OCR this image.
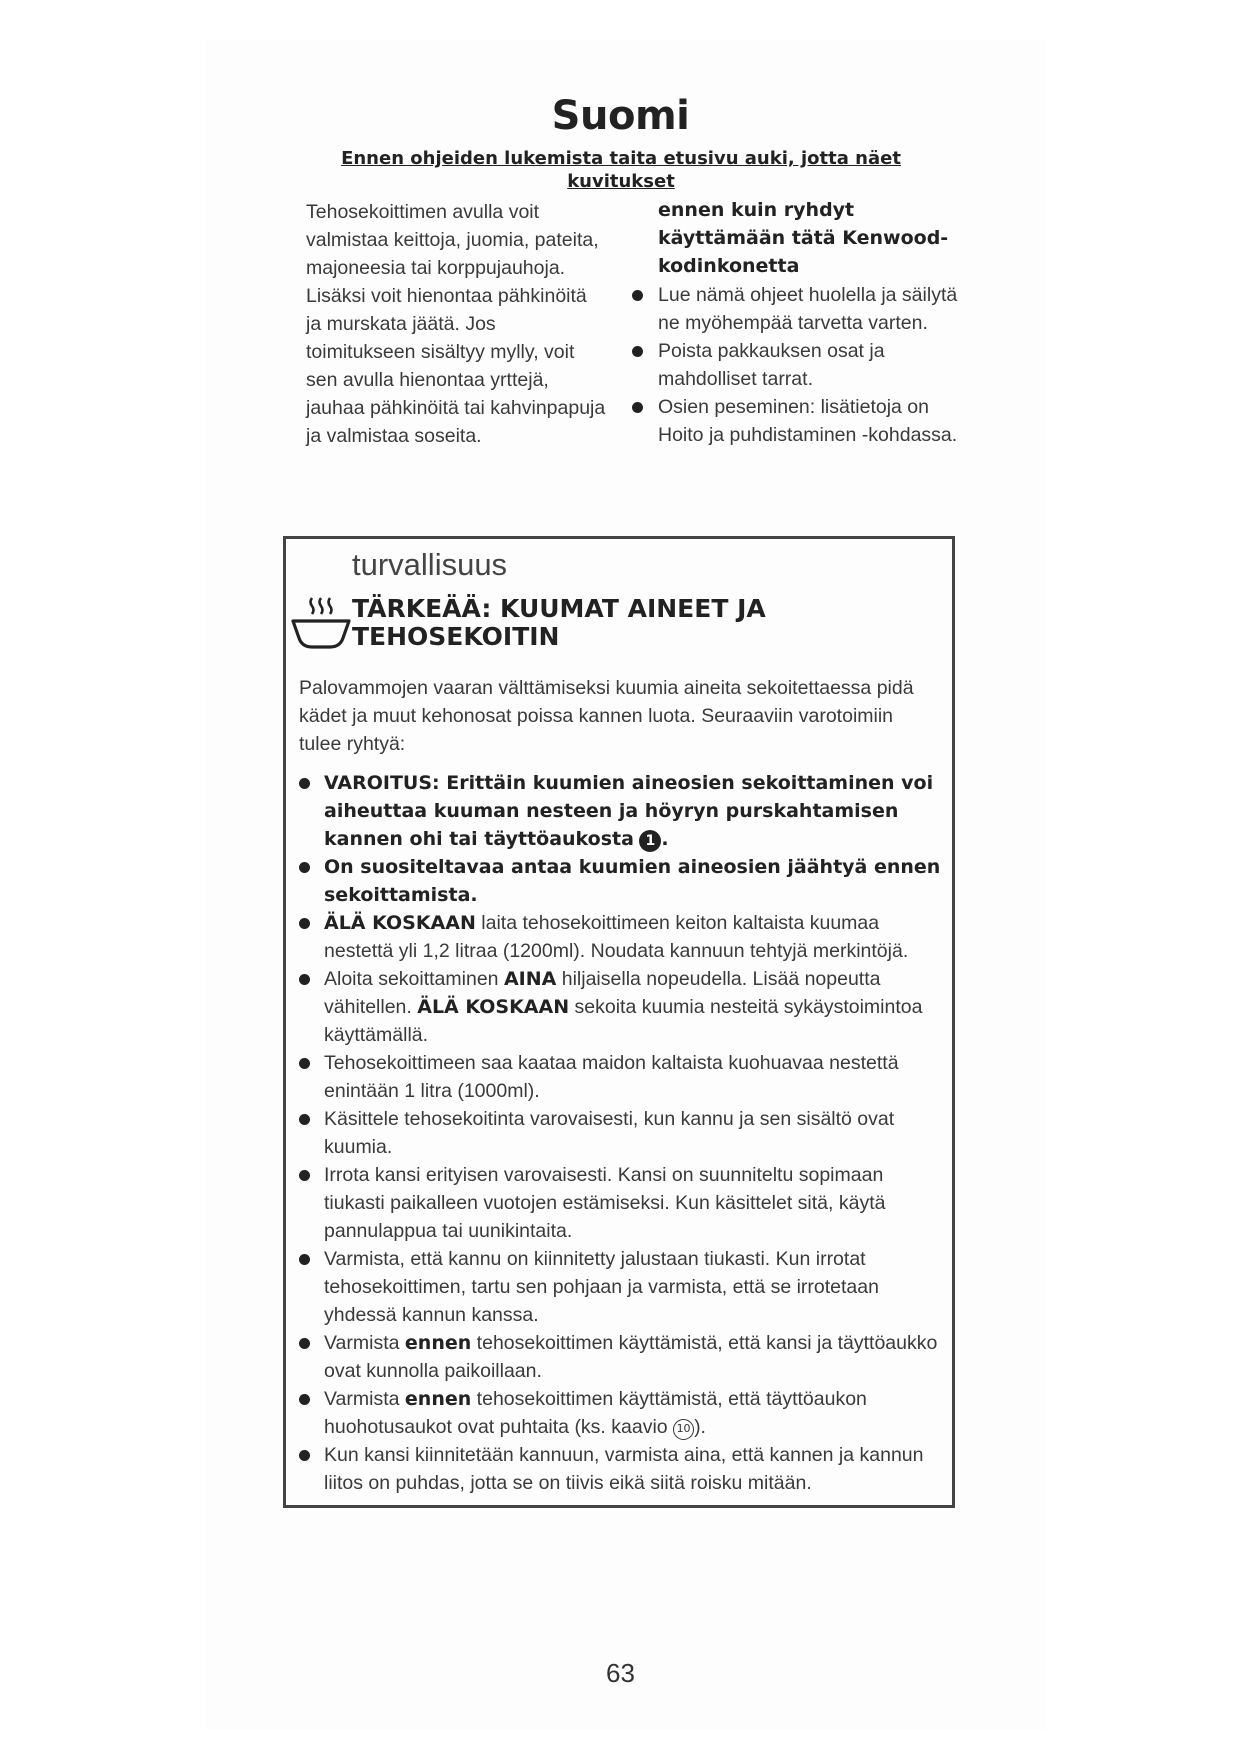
Suomi
Ennen ohjeiden lukemista taita etusivu auki, jotta näet kuvitukset

Tehosekoittimen avulla voit valmistaa keittoja, juomia, pateita, majoneesia tai korppujauhoja. Lisäksi voit hienontaa pähkinöitä ja murskata jäätä. Jos toimitukseen sisältyy mylly, voit sen avulla hienontaa yrttejä, jauhaa pähkinöitä tai kahvinpapuja ja valmistaa soseita.

ennen kuin ryhdyt käyttämään tätä Kenwood-kodinkonetta
Lue nämä ohjeet huolella ja säilytä ne myöhempää tarvetta varten.
Poista pakkauksen osat ja mahdolliset tarrat.
Osien peseminen: lisätietoja on Hoito ja puhdistaminen -kohdassa.
turvallisuus
TÄRKEÄÄ: KUUMAT AINEET JA TEHOSEKOITIN

Palovammojen vaaran välttämiseksi kuumia aineita sekoitettaessa pidä kädet ja muut kehonosat poissa kannen luota. Seuraaviin varotoimiin tulee ryhtyä:

VAROITUS: Erittäin kuumien aineosien sekoittaminen voi aiheuttaa kuuman nesteen ja höyryn purskahtamisen kannen ohi tai täyttöaukosta 1 .
On suositeltavaa antaa kuumien aineosien jäähtyä ennen sekoittamista.
ÄLÄ KOSKAAN laita tehosekoittimeen keiton kaltaista kuumaa nestettä yli 1,2 litraa (1200ml). Noudata kannuun tehtyjä merkintöjä.
Aloita sekoittaminen AINA hiljaisella nopeudella. Lisää nopeutta vähitellen. ÄLÄ KOSKAAN sekoita kuumia nesteitä sykäystoimintoa käyttämällä.
Tehosekoittimeen saa kaataa maidon kaltaista kuohuavaa nestettä enintään 1 litra (1000ml).
Käsittele tehosekoitinta varovaisesti, kun kannu ja sen sisältö ovat kuumia.
Irrota kansi erityisen varovaisesti. Kansi on suunniteltu sopimaan tiukasti paikalleen vuotojen estämiseksi. Kun käsittelet sitä, käytä pannulappua tai uunikintaita.
Varmista, että kannu on kiinnitetty jalustaan tiukasti. Kun irrotat tehosekoittimen, tartu sen pohjaan ja varmista, että se irrotetaan yhdessä kannun kanssa.
Varmista ennen tehosekoittimen käyttämistä, että kansi ja täyttöaukko ovat kunnolla paikoillaan.
Varmista ennen tehosekoittimen käyttämistä, että täyttöaukon huohotusaukot ovat puhtaita (ks. kaavio 10 ).
Kun kansi kiinnitetään kannuun, varmista aina, että kannen ja kannun liitos on puhdas, jotta se on tiivis eikä siitä roisku mitään.
63
